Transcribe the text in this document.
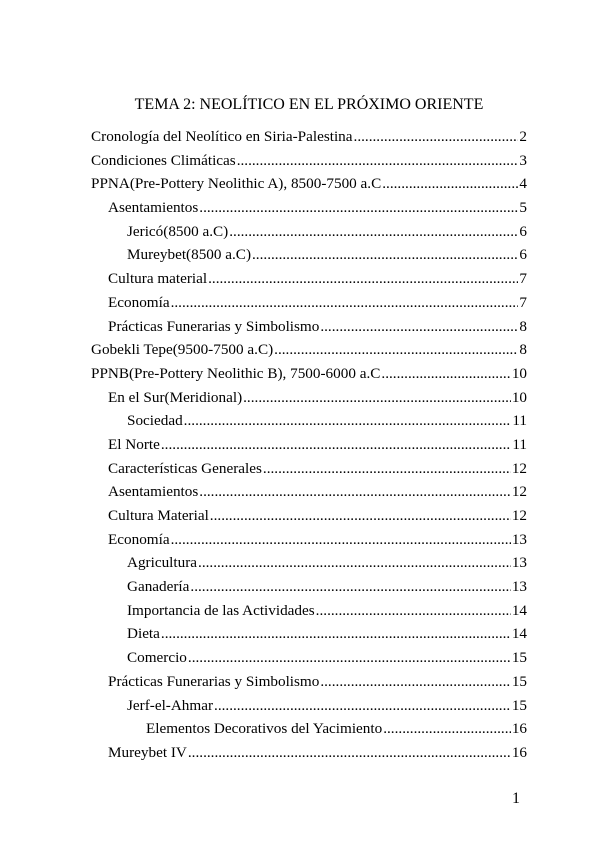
TEMA 2: NEOLÍTICO EN EL PRÓXIMO ORIENTE
Cronología del Neolítico en Siria-Palestina .....	2
Condiciones Climáticas .....	3
PPNA(Pre-Pottery Neolithic A), 8500-7500 a.C .....	4
Asentamientos .....	5
Jericó(8500 a.C) .....	6
Mureybet(8500 a.C) .....	6
Cultura material .....	7
Economía .....	7
Prácticas Funerarias y Simbolismo .....	8
Gobekli Tepe(9500-7500 a.C) .....	8
PPNB(Pre-Pottery Neolithic B), 7500-6000 a.C .....	10
En el Sur(Meridional) .....	10
Sociedad .....	11
El Norte .....	11
Características Generales .....	12
Asentamientos .....	12
Cultura Material .....	12
Economía .....	13
Agricultura .....	13
Ganadería .....	13
Importancia de las Actividades .....	14
Dieta .....	14
Comercio .....	15
Prácticas Funerarias y Simbolismo .....	15
Jerf-el-Ahmar .....	15
Elementos Decorativos del Yacimiento .....	16
Mureybet IV .....	16
1
